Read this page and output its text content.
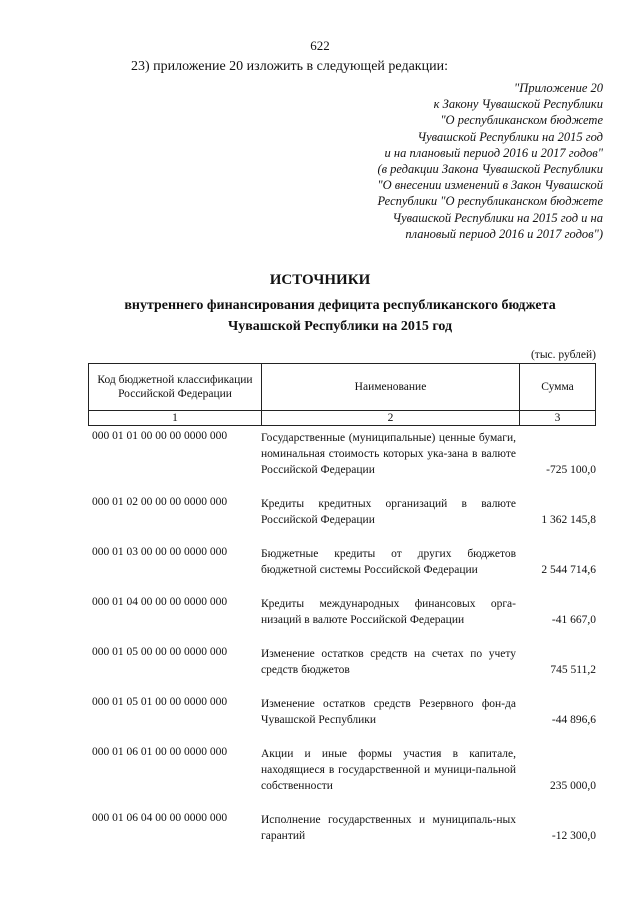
622
23) приложение 20 изложить в следующей редакции:
"Приложение 20
к Закону Чувашской Республики
"О республиканском бюджете
Чувашской Республики на 2015 год
и на плановый период 2016 и 2017 годов"
(в редакции Закона Чувашской Республики
"О внесении изменений в Закон Чувашской
Республики "О республиканском бюджете
Чувашской Республики на 2015 год и на
плановый период 2016 и 2017 годов")
ИСТОЧНИКИ
внутреннего финансирования дефицита республиканского бюджета
Чувашской Республики на 2015 год
(тыс. рублей)
Код бюджетной классификации Российской Федерации	Наименование	Сумма
1	2	3
000 01 01 00 00 00 0000 000	Государственные (муниципальные) ценные бумаги, номинальная стоимость которых ука-зана в валюте Российской Федерации	-725 100,0
000 01 02 00 00 00 0000 000	Кредиты кредитных организаций в валюте Российской Федерации	1 362 145,8
000 01 03 00 00 00 0000 000	Бюджетные кредиты от других бюджетов бюджетной системы Российской Федерации	2 544 714,6
000 01 04 00 00 00 0000 000	Кредиты международных финансовых орга-низаций в валюте Российской Федерации	-41 667,0
000 01 05 00 00 00 0000 000	Изменение остатков средств на счетах по учету средств бюджетов	745 511,2
000 01 05 01 00 00 0000 000	Изменение остатков средств Резервного фон-да Чувашской Республики	-44 896,6
000 01 06 01 00 00 0000 000	Акции и иные формы участия в капитале, находящиеся в государственной и муници-пальной собственности	235 000,0
000 01 06 04 00 00 0000 000	Исполнение государственных и муниципаль-ных гарантий	-12 300,0
